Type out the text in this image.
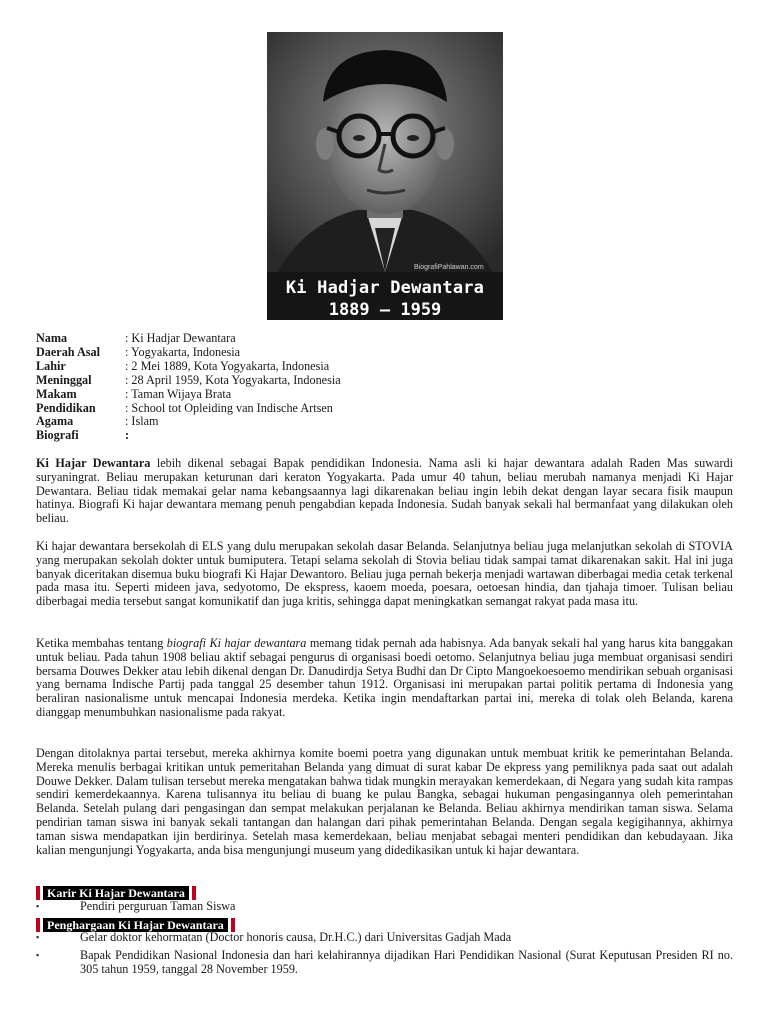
BiografiPahlawan.com
Ki Hadjar Dewantara
1889 — 1959
Nama	: Ki Hadjar Dewantara
Daerah Asal	: Yogyakarta, Indonesia
Lahir	: 2 Mei 1889, Kota Yogyakarta, Indonesia
Meninggal	: 28 April 1959, Kota Yogyakarta, Indonesia
Makam	: Taman Wijaya Brata
Pendidikan	: School tot Opleiding van Indische Artsen
Agama	: Islam
Biografi	:

Ki Hajar Dewantara lebih dikenal sebagai Bapak pendidikan Indonesia. Nama asli ki hajar dewantara adalah Raden Mas suwardi suryaningrat. Beliau merupakan keturunan dari keraton Yogyakarta. Pada umur 40 tahun, beliau merubah namanya menjadi Ki Hajar Dewantara. Beliau tidak memakai gelar nama kebangsaannya lagi dikarenakan beliau ingin lebih dekat dengan layar secara fisik maupun hatinya. Biografi Ki hajar dewantara memang penuh pengabdian kepada Indonesia. Sudah banyak sekali hal bermanfaat yang dilakukan oleh beliau.

Ki hajar dewantara bersekolah di ELS yang dulu merupakan sekolah dasar Belanda. Selanjutnya beliau juga melanjutkan sekolah di STOVIA yang merupakan sekolah dokter untuk bumiputera. Tetapi selama sekolah di Stovia beliau tidak sampai tamat dikarenakan sakit. Hal ini juga banyak diceritakan disemua buku biografi Ki Hajar Dewantoro. Beliau juga pernah bekerja menjadi wartawan diberbagai media cetak terkenal pada masa itu. Seperti mideen java, sedyotomo, De ekspress, kaoem moeda, poesara, oetoesan hindia, dan tjahaja timoer. Tulisan beliau diberbagai media tersebut sangat komunikatif dan juga kritis, sehingga dapat meningkatkan semangat rakyat pada masa itu.

Ketika membahas tentang biografi Ki hajar dewantara memang tidak pernah ada habisnya. Ada banyak sekali hal yang harus kita banggakan untuk beliau. Pada tahun 1908 beliau aktif sebagai pengurus di organisasi boedi oetomo. Selanjutnya beliau juga membuat organisasi sendiri bersama Douwes Dekker atau lebih dikenal dengan Dr. Danudirdja Setya Budhi dan Dr Cipto Mangoekoesoemo mendirikan sebuah organisasi yang bernama Indische Partij pada tanggal 25 desember tahun 1912. Organisasi ini merupakan partai politik pertama di Indonesia yang beraliran nasionalisme untuk mencapai Indonesia merdeka. Ketika ingin mendaftarkan partai ini, mereka di tolak oleh Belanda, karena dianggap menumbuhkan nasionalisme pada rakyat.

Dengan ditolaknya partai tersebut, mereka akhirnya komite boemi poetra yang digunakan untuk membuat kritik ke pemerintahan Belanda. Mereka menulis berbagai kritikan untuk pemeritahan Belanda yang dimuat di surat kabar De ekpress yang pemiliknya pada saat out adalah Douwe Dekker. Dalam tulisan tersebut mereka mengatakan bahwa tidak mungkin merayakan kemerdekaan, di Negara yang sudah kita rampas sendiri kemerdekaannya. Karena tulisannya itu beliau di buang ke pulau Bangka, sebagai hukuman pengasingannya oleh pemerintahan Belanda. Setelah pulang dari pengasingan dan sempat melakukan perjalanan ke Belanda. Beliau akhirnya mendirikan taman siswa. Selama pendirian taman siswa ini banyak sekali tantangan dan halangan dari pihak pemerintahan Belanda. Dengan segala kegigihannya, akhirnya taman siswa mendapatkan ijin berdirinya. Setelah masa kemerdekaan, beliau menjabat sebagai menteri pendidikan dan kebudayaan. Jika kalian mengunjungi Yogyakarta, anda bisa mengunjungi museum yang didedikasikan untuk ki hajar dewantara.

Karir Ki Hajar Dewantara
▪	Pendiri perguruan Taman Siswa
Penghargaan Ki Hajar Dewantara
▪	Gelar doktor kehormatan (Doctor honoris causa, Dr.H.C.) dari Universitas Gadjah Mada
▪	Bapak Pendidikan Nasional Indonesia dan hari kelahirannya dijadikan Hari Pendidikan Nasional (Surat Keputusan Presiden RI no. 305 tahun 1959, tanggal 28 November 1959.
